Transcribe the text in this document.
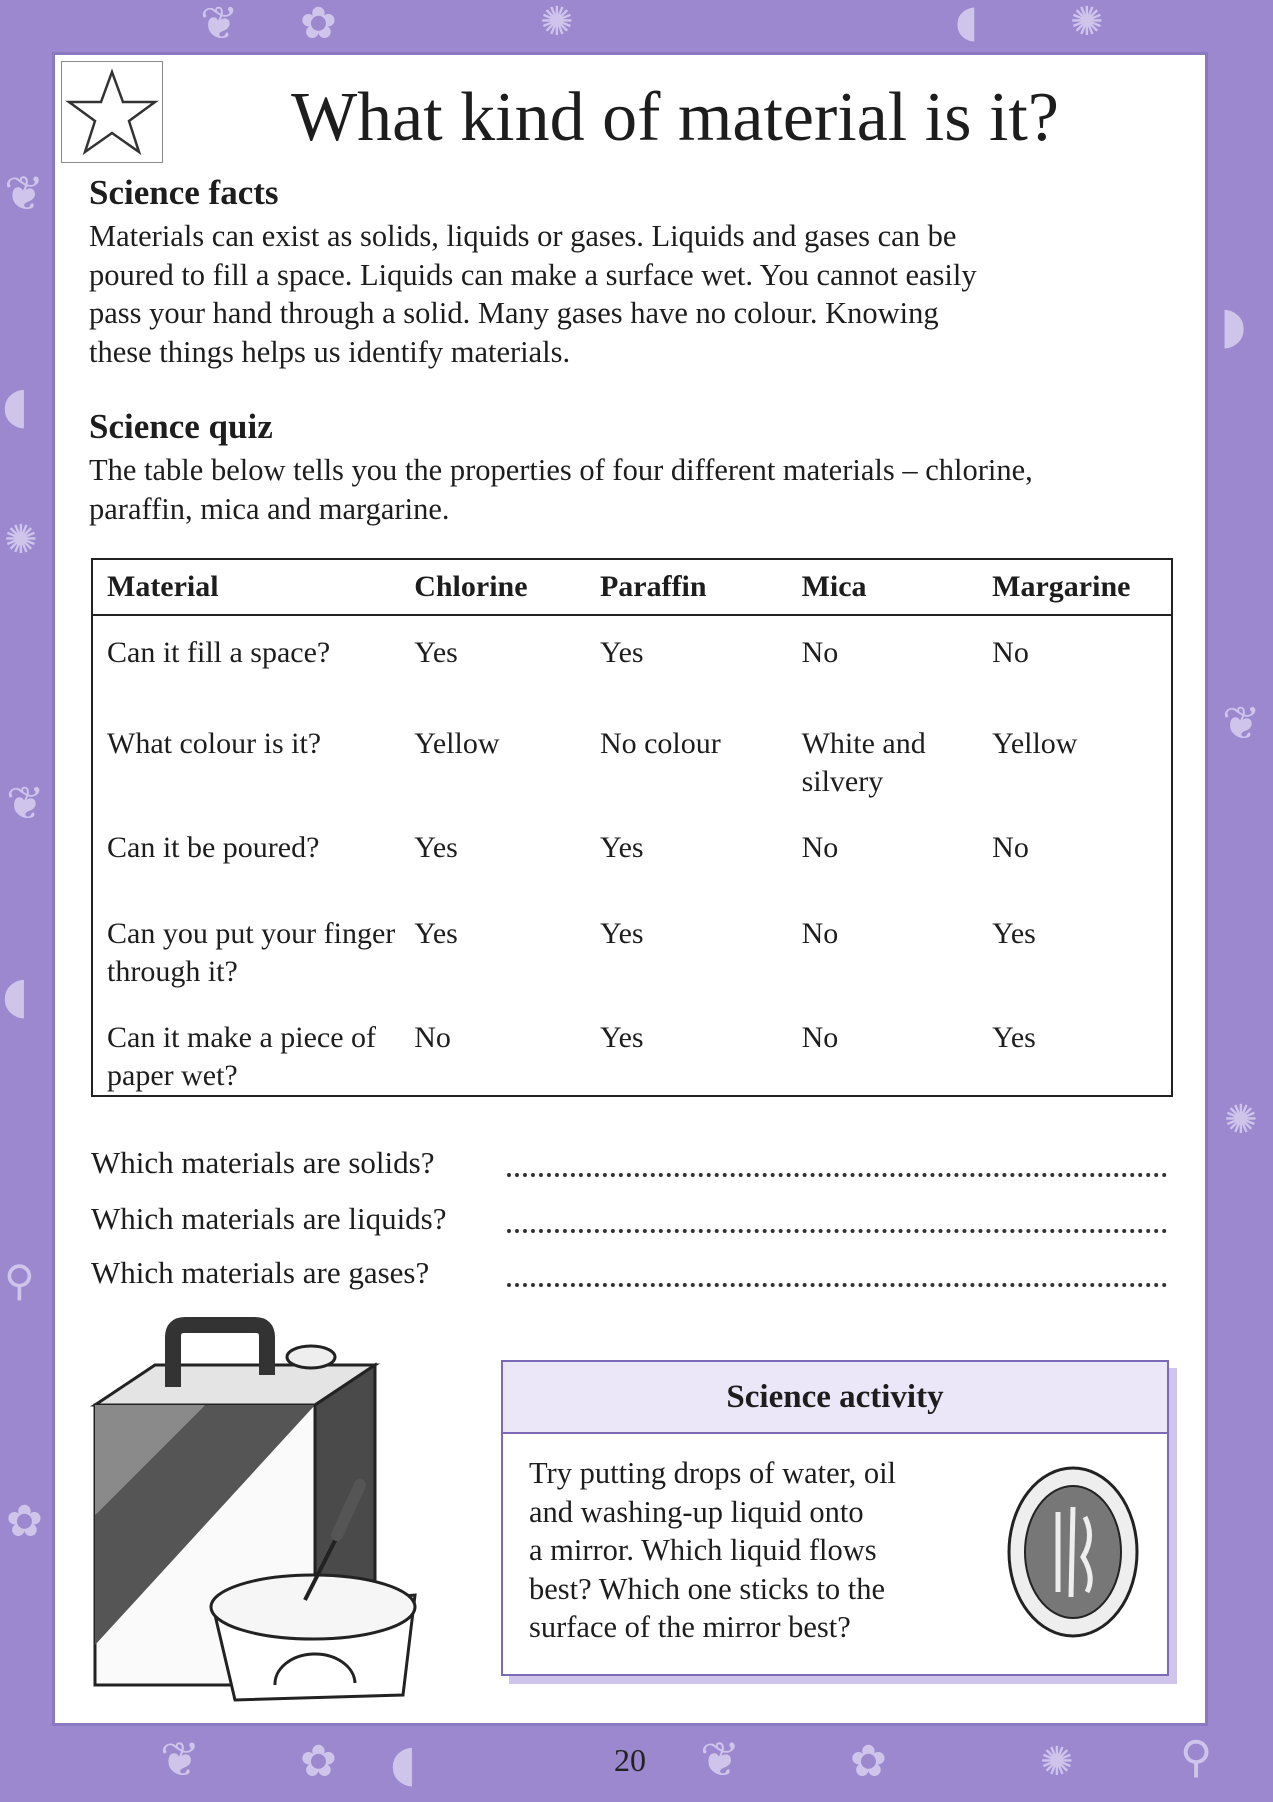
❦ ✿	✺	◖ ✺
❦
◖
✺
❦
◖
⚲
✿
◗
❦
✺
❦ ✿ ◖	❦ ✿	✺ ⚲
What kind of material is it?
Science facts
Materials can exist as solids, liquids or gases. Liquids and gases can be
poured to fill a space. Liquids can make a surface wet. You cannot easily
pass your hand through a solid. Many gases have no colour. Knowing
these things helps us identify materials.
Science quiz
The table below tells you the properties of four different materials – chlorine,
paraffin, mica and margarine.
Material	Chlorine	Paraffin	Mica	Margarine
Can it fill a space?	Yes	Yes	No	No
What colour is it?	Yellow	No colour	White and silvery	Yellow
Can it be poured?	Yes	Yes	No	No
Can you put your finger through it?	Yes	Yes	No	Yes
Can it make a piece of paper wet?	No	Yes	No	Yes
Which materials are solids?
Which materials are liquids?
Which materials are gases?
Science activity
Try putting drops of water, oil
and washing-up liquid onto
a mirror. Which liquid flows
best? Which one sticks to the
surface of the mirror best?
20
